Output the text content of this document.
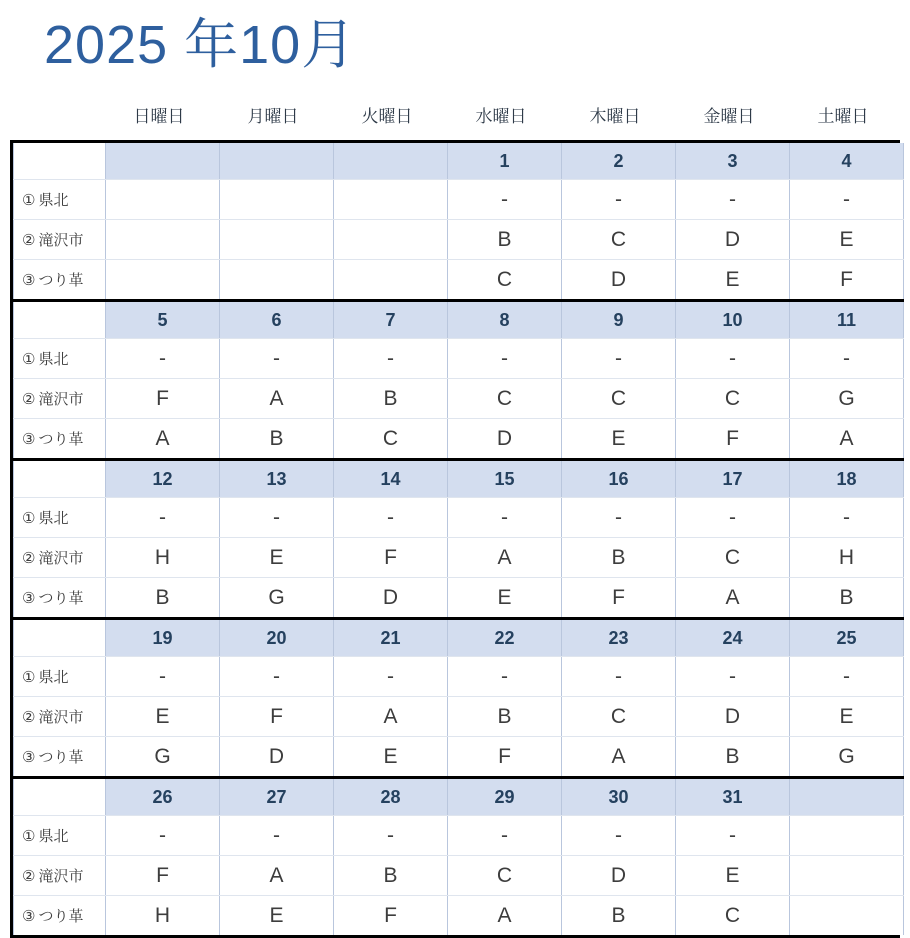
2025 年10月
	日曜日	月曜日	火曜日	水曜日	木曜日	金曜日	土曜日
				1	2	3	4
① 県北				-	-	-	-
② 滝沢市				B	C	D	E
③ つり革				C	D	E	F
	5	6	7	8	9	10	11
① 県北	-	-	-	-	-	-	-
② 滝沢市	F	A	B	C	C	C	G
③ つり革	A	B	C	D	E	F	A
	12	13	14	15	16	17	18
① 県北	-	-	-	-	-	-	-
② 滝沢市	H	E	F	A	B	C	H
③ つり革	B	G	D	E	F	A	B
	19	20	21	22	23	24	25
① 県北	-	-	-	-	-	-	-
② 滝沢市	E	F	A	B	C	D	E
③ つり革	G	D	E	F	A	B	G
	26	27	28	29	30	31	
① 県北	-	-	-	-	-	-	
② 滝沢市	F	A	B	C	D	E	
③ つり革	H	E	F	A	B	C	
